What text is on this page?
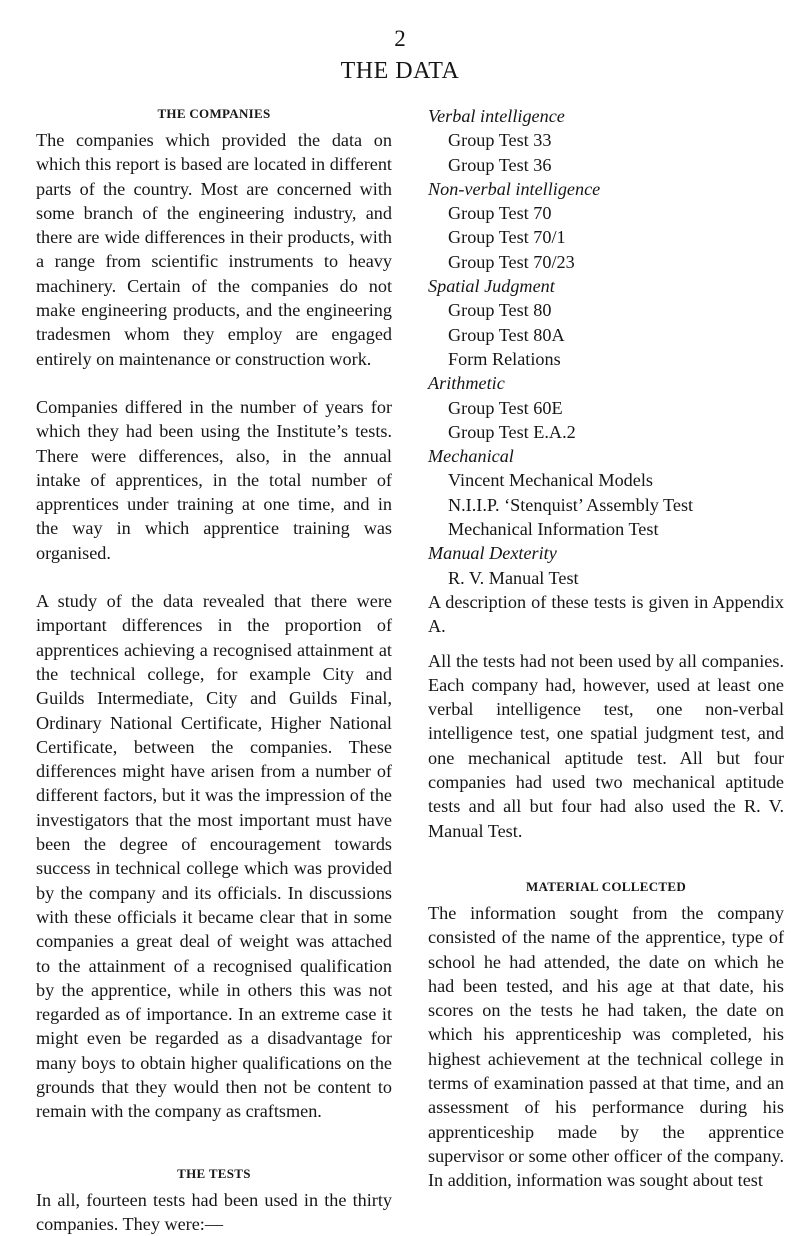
2
THE DATA
THE COMPANIES

The companies which provided the data on which this report is based are located in different parts of the country. Most are concerned with some branch of the engineering industry, and there are wide differences in their products, with a range from scientific instruments to heavy machinery. Certain of the companies do not make engineering products, and the engineering tradesmen whom they employ are engaged entirely on maintenance or construction work.

Companies differed in the number of years for which they had been using the Institute’s tests. There were differences, also, in the annual intake of apprentices, in the total number of apprentices under training at one time, and in the way in which apprentice training was organised.

A study of the data revealed that there were important differences in the proportion of apprentices achieving a recognised attainment at the technical college, for example City and Guilds Intermediate, City and Guilds Final, Ordinary National Certificate, Higher National Certificate, between the companies. These differences might have arisen from a number of different factors, but it was the impression of the investigators that the most important must have been the degree of encouragement towards success in technical college which was provided by the company and its officials. In discussions with these officials it became clear that in some companies a great deal of weight was attached to the attainment of a recognised qualification by the apprentice, while in others this was not regarded as of importance. In an extreme case it might even be regarded as a disadvantage for many boys to obtain higher qualifications on the grounds that they would then not be content to remain with the company as craftsmen.

THE TESTS

In all, fourteen tests had been used in the thirty companies. They were:—

Verbal intelligence
Group Test 33
Group Test 36
Non-verbal intelligence
Group Test 70
Group Test 70/1
Group Test 70/23
Spatial Judgment
Group Test 80
Group Test 80A
Form Relations
Arithmetic
Group Test 60E
Group Test E.A.2
Mechanical
Vincent Mechanical Models
N.I.I.P. ‘Stenquist’ Assembly Test
Mechanical Information Test
Manual Dexterity
R. V. Manual Test

A description of these tests is given in Appendix A.

All the tests had not been used by all companies. Each company had, however, used at least one verbal intelligence test, one non-verbal intelligence test, one spatial judgment test, and one mechanical aptitude test. All but four companies had used two mechanical aptitude tests and all but four had also used the R. V. Manual Test.

MATERIAL COLLECTED

The information sought from the company consisted of the name of the apprentice, type of school he had attended, the date on which he had been tested, and his age at that date, his scores on the tests he had taken, the date on which his apprenticeship was completed, his highest achievement at the technical college in terms of examination passed at that time, and an assessment of his performance during his apprenticeship made by the apprentice supervisor or some other officer of the company. In addition, information was sought about test
